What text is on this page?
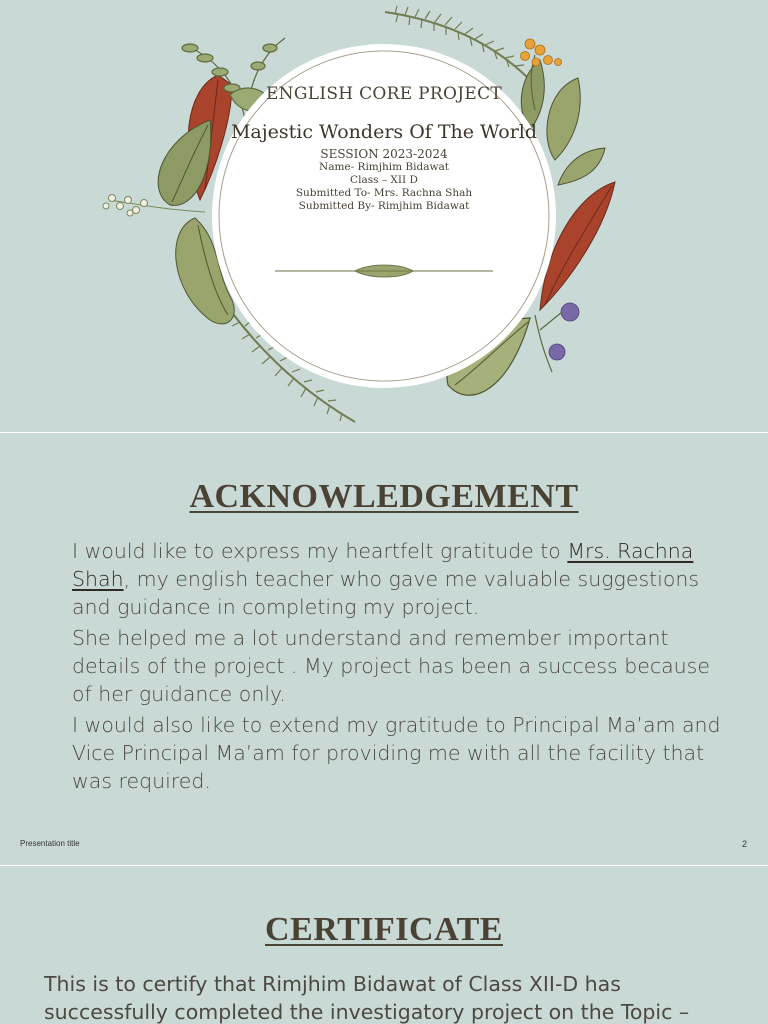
ENGLISH CORE PROJECT
Majestic Wonders Of The World
SESSION 2023-2024
Name- Rimjhim Bidawat
Class – XII D
Submitted To- Mrs. Rachna Shah
Submitted By- Rimjhim Bidawat
ACKNOWLEDGEMENT

I would like to express my heartfelt gratitude to Mrs. Rachna Shah, my english teacher who gave me valuable suggestions and guidance in completing my project.

She helped me a lot understand and remember important details of the project . My project has been a success because of her guidance only.

I would also like to extend my gratitude to Principal Ma’am and Vice Principal Ma’am for providing me with all the facility that was required.

Presentation title	2
CERTIFICATE
This is to certify that Rimjhim Bidawat of Class XII-D has successfully completed the investigatory project on the Topic –
